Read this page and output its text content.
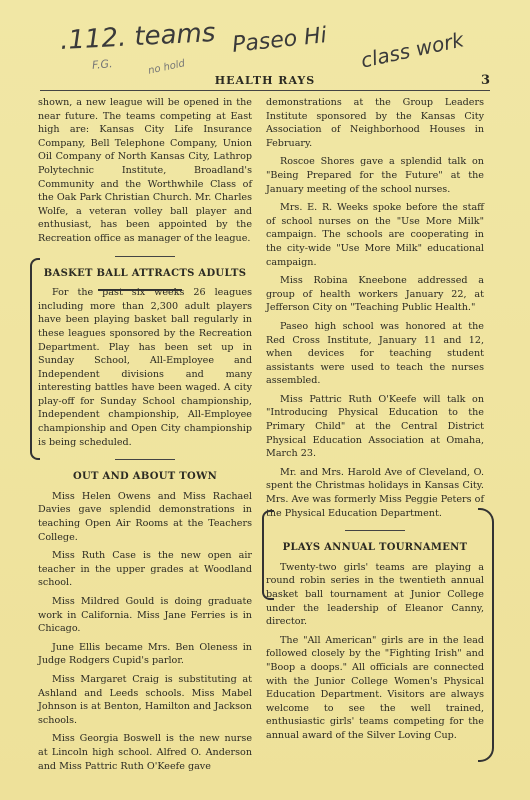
.112. teams Paseo Hi class work
F.G.	no hold
HEALTH RAYS	3

shown, a new league will be opened in the near future. The teams competing at East high are: Kansas City Life Insurance Company, Bell Telephone Company, Union Oil Company of North Kansas City, Lathrop Polytechnic Institute, Broadland's Community and the Worthwhile Class of the Oak Park Christian Church. Mr. Charles Wolfe, a veteran volley ball player and enthusiast, has been appointed by the Recreation office as manager of the league.

BASKET BALL ATTRACTS ADULTS

For the past six weeks 26 leagues including more than 2,300 adult players have been playing basket ball regularly in these leagues sponsored by the Recreation Department. Play has been set up in Sunday School, All-Employee and Independent divisions and many interesting battles have been waged. A city play-off for Sunday School championship, Independent championship, All-Employee championship and Open City championship is being scheduled.

OUT AND ABOUT TOWN

Miss Helen Owens and Miss Rachael Davies gave splendid demonstrations in teaching Open Air Rooms at the Teachers College.

Miss Ruth Case is the new open air teacher in the upper grades at Woodland school.

Miss Mildred Gould is doing graduate work in California. Miss Jane Ferries is in Chicago.

June Ellis became Mrs. Ben Oleness in Judge Rodgers Cupid's parlor.

Miss Margaret Craig is substituting at Ashland and Leeds schools. Miss Mabel Johnson is at Benton, Hamilton and Jackson schools.

Miss Georgia Boswell is the new nurse at Lincoln high school. Alfred O. Anderson and Miss Pattric Ruth O'Keefe gave

demonstrations at the Group Leaders Institute sponsored by the Kansas City Association of Neighborhood Houses in February.

Roscoe Shores gave a splendid talk on "Being Prepared for the Future" at the January meeting of the school nurses.

Mrs. E. R. Weeks spoke before the staff of school nurses on the "Use More Milk" campaign. The schools are cooperating in the city-wide "Use More Milk" educational campaign.

Miss Robina Kneebone addressed a group of health workers January 22, at Jefferson City on "Teaching Public Health."

Paseo high school was honored at the Red Cross Institute, January 11 and 12, when devices for teaching student assistants were used to teach the nurses assembled.

Miss Pattric Ruth O'Keefe will talk on "Introducing Physical Education to the Primary Child" at the Central District Physical Education Association at Omaha, March 23.

Mr. and Mrs. Harold Ave of Cleveland, O. spent the Christmas holidays in Kansas City. Mrs. Ave was formerly Miss Peggie Peters of the Physical Education Department.

PLAYS ANNUAL TOURNAMENT

Twenty-two girls' teams are playing a round robin series in the twentieth annual basket ball tournament at Junior College under the leadership of Eleanor Canny, director.

The "All American" girls are in the lead followed closely by the "Fighting Irish" and "Boop a doops." All officials are connected with the Junior College Women's Physical Education Department. Visitors are always welcome to see the well trained, enthusiastic girls' teams competing for the annual award of the Silver Loving Cup.
